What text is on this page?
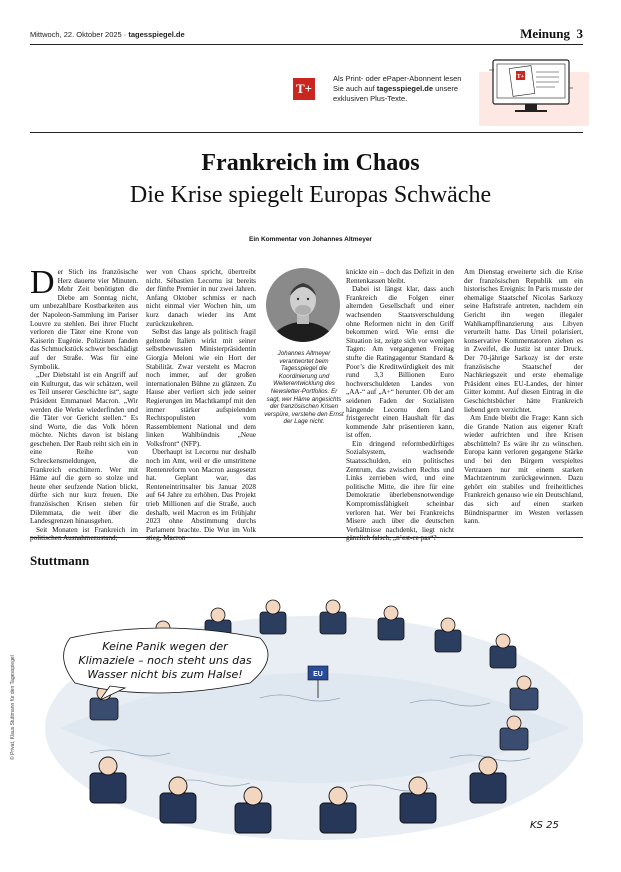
Mittwoch, 22. Oktober 2025 · tagesspiegel.de	Meinung 3
T+
Als Print- oder ePaper-Abonnent lesen
Sie auch auf tagesspiegel.de unsere
exklusiven Plus-Texte.
T+
Frankreich im Chaos
Die Krise spiegelt Europas Schwäche
Ein Kommentar von Johannes Altmeyer

Der Stich ins französische Herz dauerte vier Minuten. Mehr Zeit benötigten die Diebe am Sonntag nicht, um unbezahlbare Kostbarkeiten aus der Napoleon-Sammlung im Pariser Louvre zu stehlen. Bei ihrer Flucht verloren die Täter eine Krone von Kaiserin Eugénie. Polizisten fanden das Schmuckstück schwer beschädigt auf der Straße. Was für eine Symbolik.

„Der Diebstahl ist ein Angriff auf ein Kulturgut, das wir schätzen, weil es Teil unserer Geschichte ist“, sagte Präsident Emmanuel Macron. „Wir werden die Werke wiederfinden und die Täter vor Gericht stellen.“ Es sind Worte, die das Volk hören möchte. Nichts davon ist bislang geschehen. Der Raub reiht sich ein in eine Reihe von Schreckensmeldungen, die Frankreich erschüttern. Wer mit Häme auf die gern so stolze und heute eher seufzende Nation blickt, dürfte sich nur kurz freuen. Die französischen Krisen stehen für Dilemmata, die weit über die Landesgrenzen hinausgehen.

Seit Monaten ist Frankreich im politischen Ausnahmezustand;

wer von Chaos spricht, übertreibt nicht. Sébastien Lecornu ist bereits der fünfte Premier in nur zwei Jahren. Anfang Oktober schmiss er nach nicht einmal vier Wochen hin, um kurz danach wieder ins Amt zurückzukehren.

Selbst das lange als politisch fragil geltende Italien wirkt mit seiner selbstbewussten Ministerpräsidentin Giorgia Meloni wie ein Hort der Stabilität. Zwar versteht es Macron noch immer, auf der großen internationalen Bühne zu glänzen. Zu Hause aber verliert sich jede seiner Regierungen im Machtkampf mit den immer stärker aufspielenden Rechtspopulisten vom Rassemblement National und dem linken Wahlbündnis „Neue Volksfront“ (NFP).

Überhaupt ist Lecornu nur deshalb noch im Amt, weil er die umstrittene Rentenreform von Macron ausgesetzt hat. Geplant war, das Renteneintrittsalter bis Januar 2028 auf 64 Jahre zu erhöhen. Das Projekt trieb Millionen auf die Straße, auch deshalb, weil Macron es im Frühjahr 2023 ohne Abstimmung durchs Parlament brachte. Die Wut im Volk stieg, Macron

Johannes Altmeyer verantwortet beim Tagesspiegel die Koordinierung und Weiterentwicklung des Newsletter-Portfolios. Er sagt, wer Häme angesichts der französischen Krisen verspüre, verstehe den Ernst der Lage nicht.

knickte ein – doch das Defizit in den Rentenkassen bleibt.

Dabei ist längst klar, dass auch Frankreich die Folgen einer alternden Gesellschaft und einer wachsenden Staatsverschuldung ohne Reformen nicht in den Griff bekommen wird. Wie ernst die Situation ist, zeigte sich vor wenigen Tagen: Am vergangenen Freitag stufte die Ratingagentur Standard & Poor’s die Kreditwürdigkeit des mit rund 3,3 Billionen Euro hochverschuldeten Landes von „AA-“ auf „A+“ herunter. Ob der am seidenen Faden der Sozialisten hängende Lecornu dem Land fristgerecht einen Haushalt für das kommende Jahr präsentieren kann, ist offen.

Ein dringend reformbedürftiges Sozialsystem, wachsende Staatsschulden, ein politisches Zentrum, das zwischen Rechts und Links zerrieben wird, und eine politische Mitte, die ihre für eine Demokratie überlebensnotwendige Kompromissfähigkeit scheinbar verloren hat. Wer bei Frankreichs Misere auch über die deutschen Verhältnisse nachdenkt, liegt nicht gänzlich falsch, „n’est-ce pas“?

Am Dienstag erweiterte sich die Krise der französischen Republik um ein historisches Ereignis: In Paris musste der ehemalige Staatschef Nicolas Sarkozy seine Haftstrafe antreten, nachdem ein Gericht ihn wegen illegaler Wahlkampffinanzierung aus Libyen verurteilt hatte. Das Urteil polarisiert, konservative Kommentatoren ziehen es in Zweifel, die Justiz ist unter Druck. Der 70-jährige Sarkozy ist der erste französische Staatschef der Nachkriegszeit und erste ehemalige Präsident eines EU-Landes, der hinter Gitter kommt. Auf diesen Eintrag in die Geschichtsbücher hätte Frankreich liebend gern verzichtet.

Am Ende bleibt die Frage: Kann sich die Grande Nation aus eigener Kraft wieder aufrichten und ihre Krisen abschütteln? Es wäre ihr zu wünschen. Europa kann verloren gegangene Stärke und bei den Bürgern verspieltes Vertrauen nur mit einem starken Machtzentrum zurückgewinnen. Dazu gehört ein stabiles und freiheitliches Frankreich genauso wie ein Deutschland, das sich auf einen starken Bündnispartner im Westen verlassen kann.

Stuttmann
EU
Keine Panik wegen der
Klimaziele – noch steht uns das
Wasser nicht bis zum Halse!
KS 25
© Privat, Klaus Stuttmann für den Tagesspiegel
